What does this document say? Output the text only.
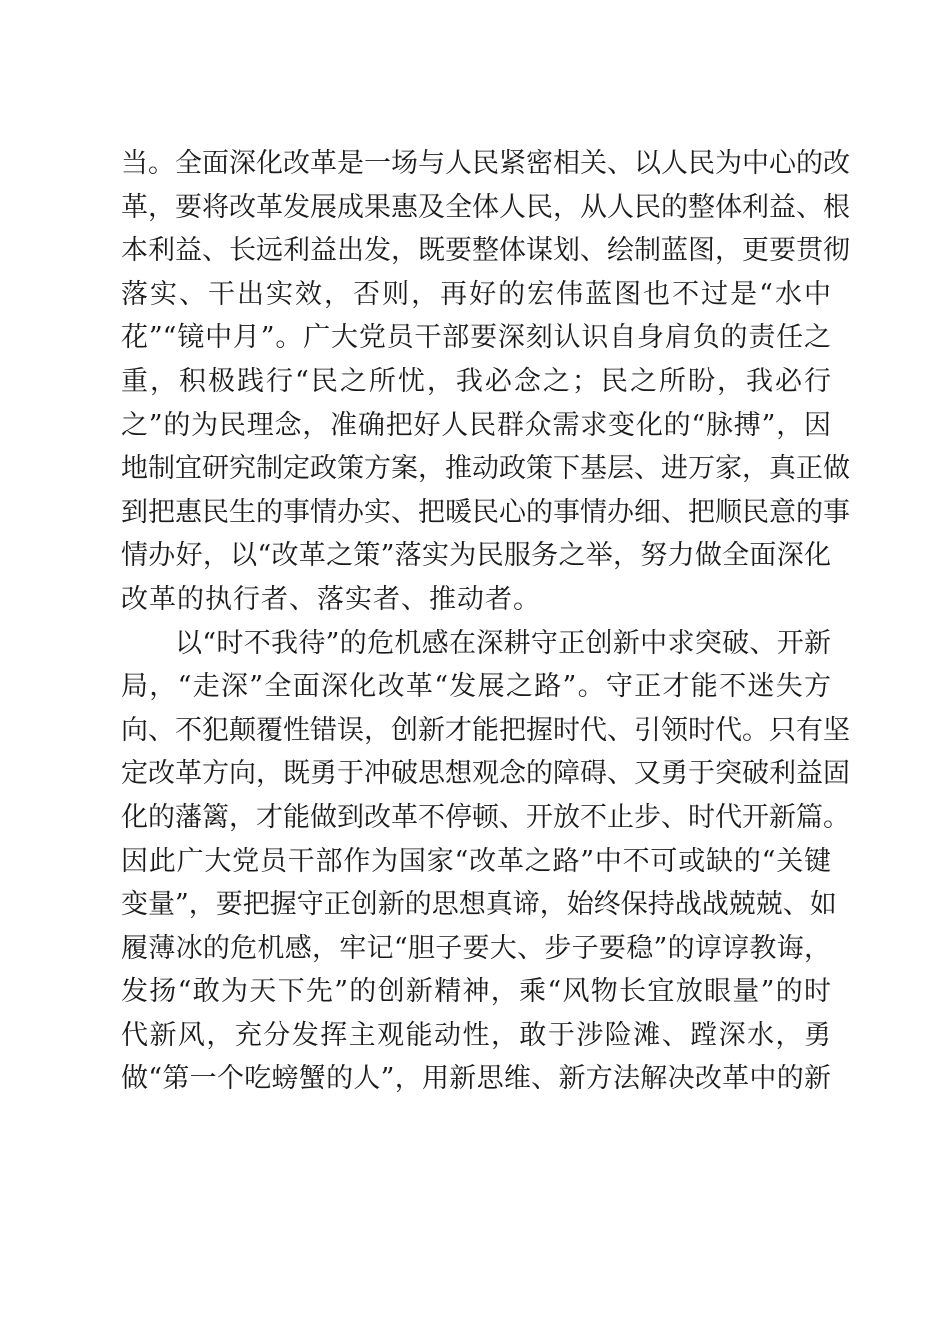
当。全面深化改革是一场与人民紧密相关、以人民为中心的改
革，要将改革发展成果惠及全体人民，从人民的整体利益、根
本利益、长远利益出发，既要整体谋划、绘制蓝图，更要贯彻
落实、干出实效，否则，再好的宏伟蓝图也不过是“水中
花”“镜中月”。广大党员干部要深刻认识自身肩负的责任之
重，积极践行“民之所忧，我必念之；民之所盼，我必行
之”的为民理念，准确把好人民群众需求变化的“脉搏”，因
地制宜研究制定政策方案，推动政策下基层、进万家，真正做
到把惠民生的事情办实、把暖民心的事情办细、把顺民意的事
情办好，以“改革之策”落实为民服务之举，努力做全面深化
改革的执行者、落实者、推动者。
以“时不我待”的危机感在深耕守正创新中求突破、开新
局，“走深”全面深化改革“发展之路”。守正才能不迷失方
向、不犯颠覆性错误，创新才能把握时代、引领时代。只有坚
定改革方向，既勇于冲破思想观念的障碍、又勇于突破利益固
化的藩篱，才能做到改革不停顿、开放不止步、时代开新篇。
因此广大党员干部作为国家“改革之路”中不可或缺的“关键
变量”，要把握守正创新的思想真谛，始终保持战战兢兢、如
履薄冰的危机感，牢记“胆子要大、步子要稳”的谆谆教诲，
发扬“敢为天下先”的创新精神，乘“风物长宜放眼量”的时
代新风，充分发挥主观能动性，敢于涉险滩、蹚深水，勇
做“第一个吃螃蟹的人”，用新思维、新方法解决改革中的新
